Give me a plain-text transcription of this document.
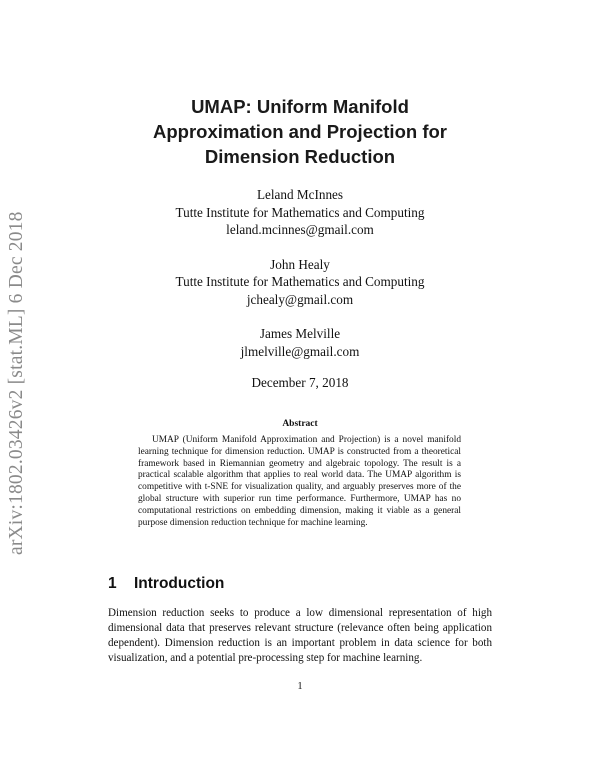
arXiv:1802.03426v2 [stat.ML] 6 Dec 2018
UMAP: Uniform Manifold
Approximation and Projection for
Dimension Reduction
Leland McInnes
Tutte Institute for Mathematics and Computing
leland.mcinnes@gmail.com
John Healy
Tutte Institute for Mathematics and Computing
jchealy@gmail.com
James Melville
jlmelville@gmail.com
December 7, 2018
Abstract
UMAP (Uniform Manifold Approximation and Projection) is a novel manifold learning technique for dimension reduction. UMAP is constructed from a theoretical framework based in Riemannian geometry and algebraic topology. The result is a practical scalable algorithm that applies to real world data. The UMAP algorithm is competitive with t-SNE for visualization quality, and arguably preserves more of the global structure with superior run time performance. Furthermore, UMAP has no computational restrictions on embedding dimension, making it viable as a general purpose dimension reduction technique for machine learning.
1 Introduction
Dimension reduction seeks to produce a low dimensional representation of high dimensional data that preserves relevant structure (relevance often being application dependent). Dimension reduction is an important problem in data science for both visualization, and a potential pre-processing step for machine learning.
1
